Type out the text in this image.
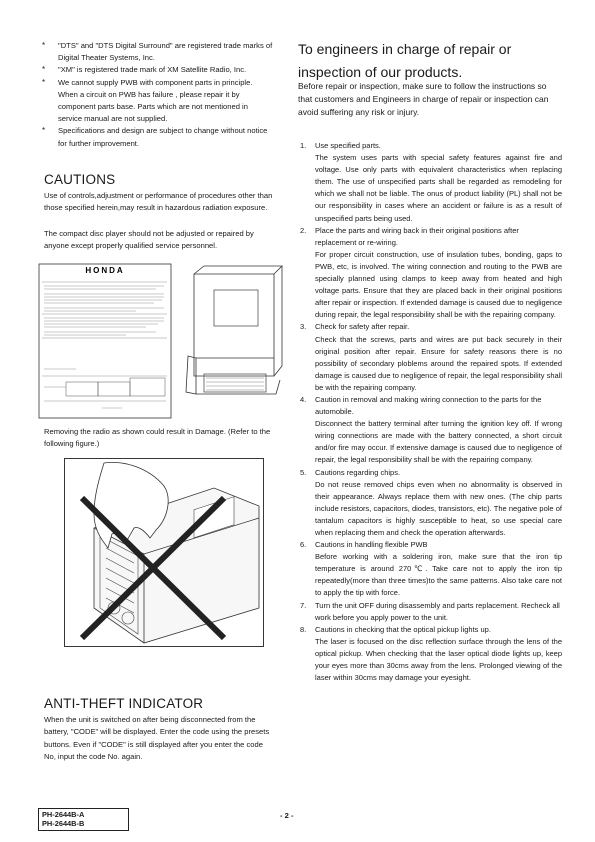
* "DTS" and "DTS Digital Surround" are registered trade marks of Digital Theater Systems, Inc.
* "XM" is registered trade mark of XM Satellite Radio, Inc.
* We cannot supply PWB with component parts in principle. When a circuit on PWB has failure , please repair it by component parts base. Parts which are not mentioned in service manual are not supplied.
* Specifications and design are subject to change without notice for further improvement.
CAUTIONS

Use of controls,adjustment or performance of procedures other than those specified herein,may result in hazardous radiation exposure.

The compact disc player should not be adjusted or repaired by anyone except properly qualified service personnel.

HONDA

Removing the radio as shown could result in Damage. (Refer to the following figure.)

ANTI-THEFT INDICATOR

When the unit is switched on after being disconnected from the battery, "CODE" will be displayed. Enter the code using the presets buttons. Even if "CODE" is still displayed after you enter the code No, input the code No. again.

To engineers in charge of repair or inspection of our products.

Before repair or inspection, make sure to follow the instructions so that customers and Engineers in charge of repair or inspection can avoid suffering any risk or injury.

1. Use specified parts.
The system uses parts with special safety features against fire and voltage. Use only parts with equivalent characteristics when replacing them. The use of unspecified parts shall be regarded as remodeling for which we shall not be liable. The onus of product liability (PL) shall not be our responsibility in cases where an accident or failure is as a result of unspecified parts being used.
2. Place the parts and wiring back in their original positions after replacement or re-wiring.
For proper circuit construction, use of insulation tubes, bonding, gaps to PWB, etc, is involved. The wiring connection and routing to the PWB are specially planned using clamps to keep away from heated and high voltage parts. Ensure that they are placed back in their original positions after repair or inspection. If extended damage is caused due to negligence during repair, the legal responsibility shall be with the repairing company.
3. Check for safety after repair.
Check that the screws, parts and wires are put back securely in their original position after repair. Ensure for safety reasons there is no possibility of secondary ploblems around the repaired spots. If extended damage is caused due to negligence of repair, the legal responsibility shall be with the repairing company.
4. Caution in removal and making wiring connection to the parts for the automobile.
Disconnect the battery terminal after turning the ignition key off. If wrong wiring connections are made with the battery connected, a short circuit and/or fire may occur. If extensive damage is caused due to negligence of repair, the legal responsibility shall be with the repairing company.
5. Cautions regarding chips.
Do not reuse removed chips even when no abnormality is observed in their appearance. Always replace them with new ones. (The chip parts include resistors, capacitors, diodes, transistors, etc). The negative pole of tantalum capacitors is highly susceptible to heat, so use special care when replacing them and check the operation afterwards.
6. Cautions in handling flexible PWB
Before working with a soldering iron, make sure that the iron tip temperature is around 270℃. Take care not to apply the iron tip repeatedly(more than three times)to the same patterns. Also take care not to apply the tip with force.
7. Turn the unit OFF during disassembly and parts replacement. Recheck all work before you apply power to the unit.
8. Cautions in checking that the optical pickup lights up.
The laser is focused on the disc reflection surface through the lens of the optical pickup. When checking that the laser optical diode lights up, keep your eyes more than 30cms away from the lens. Prolonged viewing of the laser within 30cms may damage your eyesight.
PH-2644B-A
PH-2644B-B
- 2 -
